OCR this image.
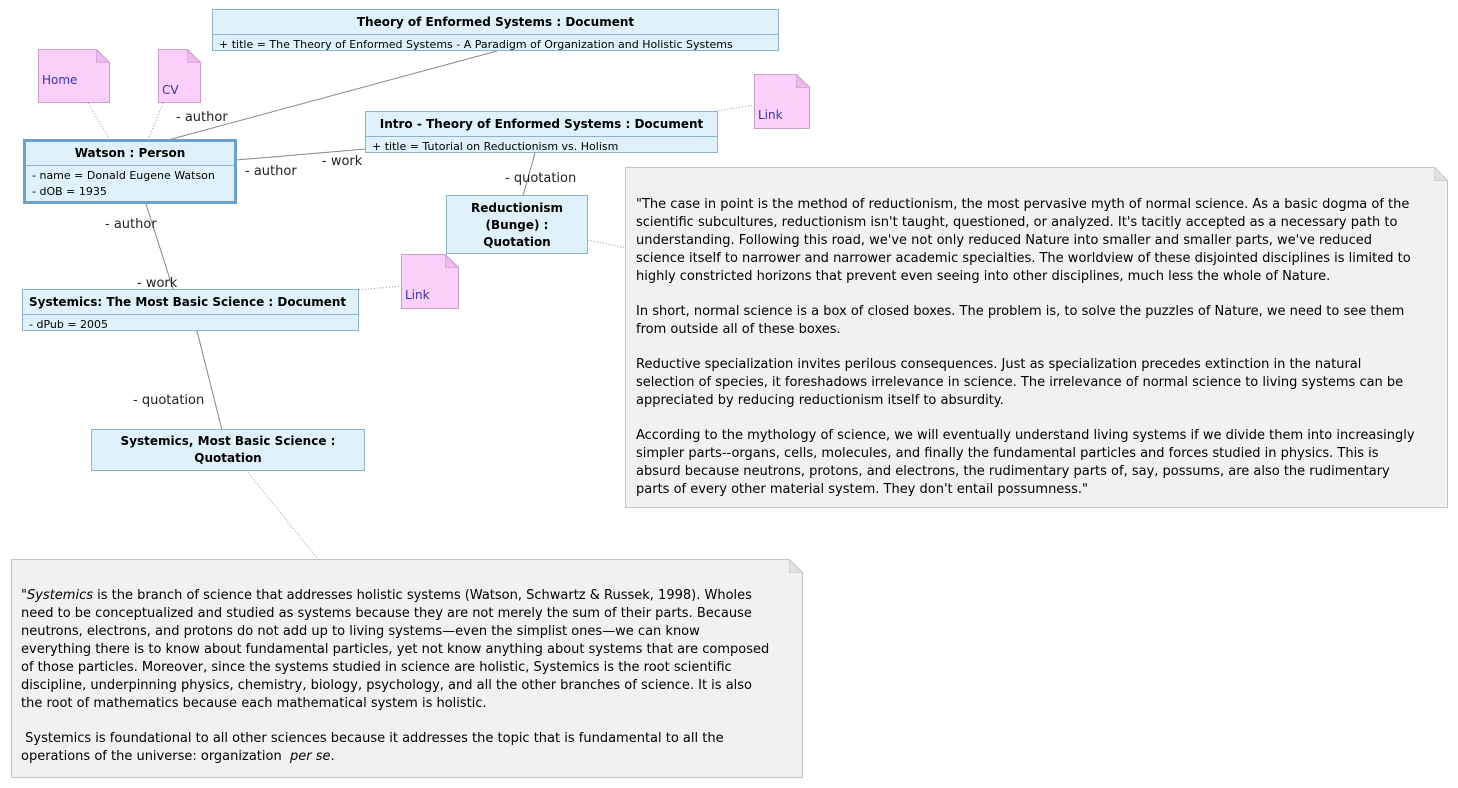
Home
CV
Link
Link
Theory of Enformed Systems : Document
+ title = The Theory of Enformed Systems - A Paradigm of Organization and Holistic Systems
Intro - Theory of Enformed Systems : Document
+ title = Tutorial on Reductionism vs. Holism
Watson : Person
- name = Donald Eugene Watson
- dOB = 1935
Reductionism
(Bunge) :
Quotation
Systemics: The Most Basic Science : Document
- dPub = 2005
Systemics, Most Basic Science :
Quotation
- author
- author
- work
- author
- work
- quotation
- quotation

"The case in point is the method of reductionism, the most pervasive myth of normal science. As a basic dogma of the scientific subcultures, reductionism isn't taught, questioned, or analyzed. It's tacitly accepted as a necessary path to understanding. Following this road, we've not only reduced Nature into smaller and smaller parts, we've reduced science itself to narrower and narrower academic specialties. The worldview of these disjointed disciplines is limited to highly constricted horizons that prevent even seeing into other disciplines, much less the whole of Nature.

In short, normal science is a box of closed boxes. The problem is, to solve the puzzles of Nature, we need to see them from outside all of these boxes.

Reductive specialization invites perilous consequences. Just as specialization precedes extinction in the natural selection of species, it foreshadows irrelevance in science. The irrelevance of normal science to living systems can be appreciated by reducing reductionism itself to absurdity.

According to the mythology of science, we will eventually understand living systems if we divide them into increasingly simpler parts--organs, cells, molecules, and finally the fundamental particles and forces studied in physics. This is absurd because neutrons, protons, and electrons, the rudimentary parts of, say, possums, are also the rudimentary parts of every other material system. They don't entail possumness."

"Systemics is the branch of science that addresses holistic systems (Watson, Schwartz & Russek, 1998). Wholes need to be conceptualized and studied as systems because they are not merely the sum of their parts. Because neutrons, electrons, and protons do not add up to living systems—even the simplist ones—we can know everything there is to know about fundamental particles, yet not know anything about systems that are composed of those particles. Moreover, since the systems studied in science are holistic, Systemics is the root scientific discipline, underpinning physics, chemistry, biology, psychology, and all the other branches of science. It is also the root of mathematics because each mathematical system is holistic.

Systemics is foundational to all other sciences because it addresses the topic that is fundamental to all the operations of the universe: organization  per se.
